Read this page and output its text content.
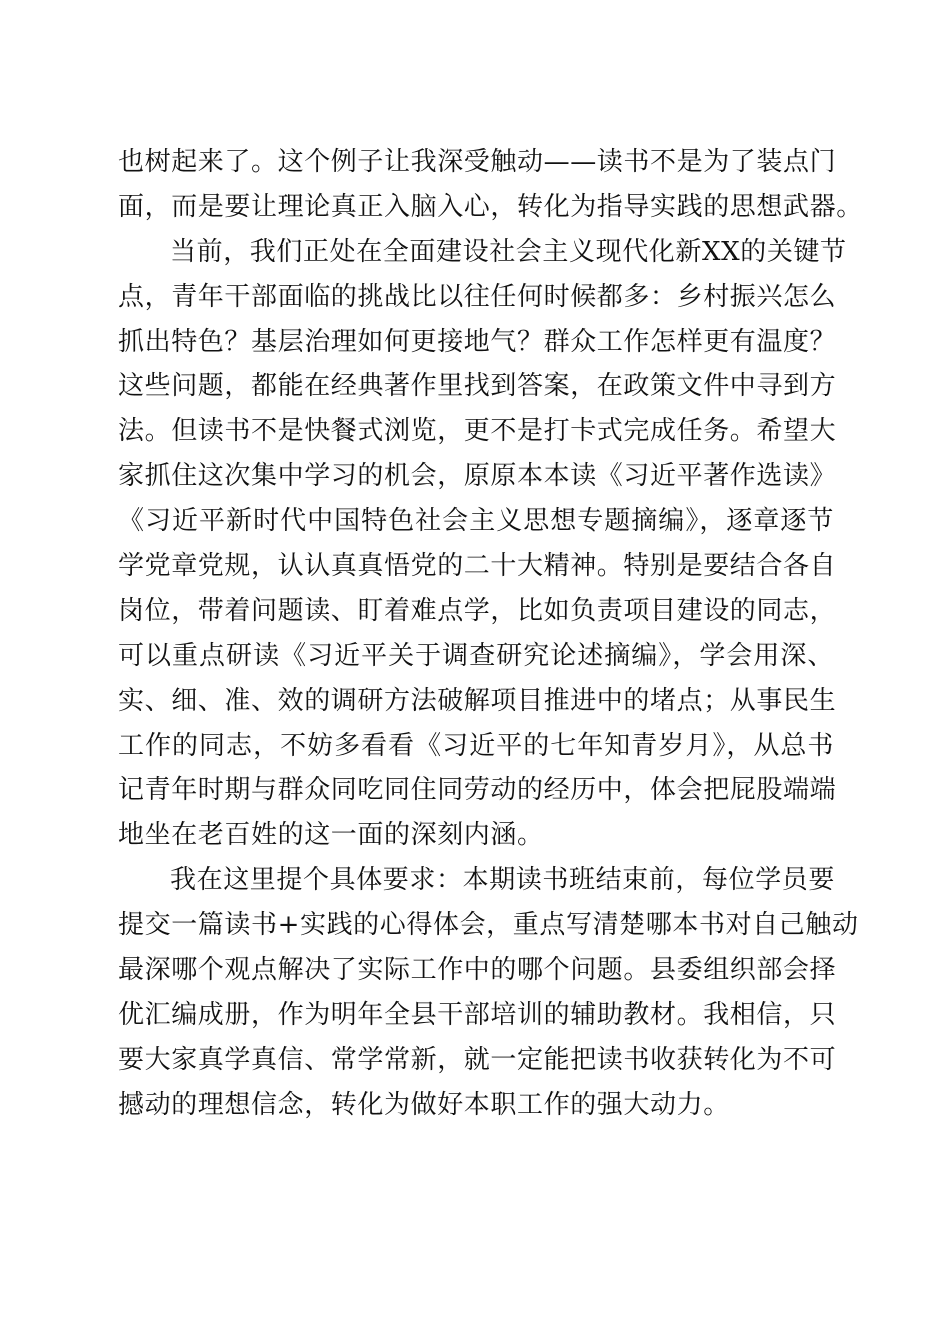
也树起来了。这个例子让我深受触动——读书不是为了装点门
面，而是要让理论真正入脑入心，转化为指导实践的思想武器。
当前，我们正处在全面建设社会主义现代化新XX的关键节
点，青年干部面临的挑战比以往任何时候都多：乡村振兴怎么
抓出特色？基层治理如何更接地气？群众工作怎样更有温度？
这些问题，都能在经典著作里找到答案，在政策文件中寻到方
法。但读书不是快餐式浏览，更不是打卡式完成任务。希望大
家抓住这次集中学习的机会，原原本本读《习近平著作选读》
《习近平新时代中国特色社会主义思想专题摘编》，逐章逐节
学党章党规，认认真真悟党的二十大精神。特别是要结合各自
岗位，带着问题读、盯着难点学，比如负责项目建设的同志，
可以重点研读《习近平关于调查研究论述摘编》，学会用深、
实、细、准、效的调研方法破解项目推进中的堵点；从事民生
工作的同志，不妨多看看《习近平的七年知青岁月》，从总书
记青年时期与群众同吃同住同劳动的经历中，体会把屁股端端
地坐在老百姓的这一面的深刻内涵。
我在这里提个具体要求：本期读书班结束前，每位学员要
提交一篇读书+实践的心得体会，重点写清楚哪本书对自己触动
最深哪个观点解决了实际工作中的哪个问题。县委组织部会择
优汇编成册，作为明年全县干部培训的辅助教材。我相信，只
要大家真学真信、常学常新，就一定能把读书收获转化为不可
撼动的理想信念，转化为做好本职工作的强大动力。
